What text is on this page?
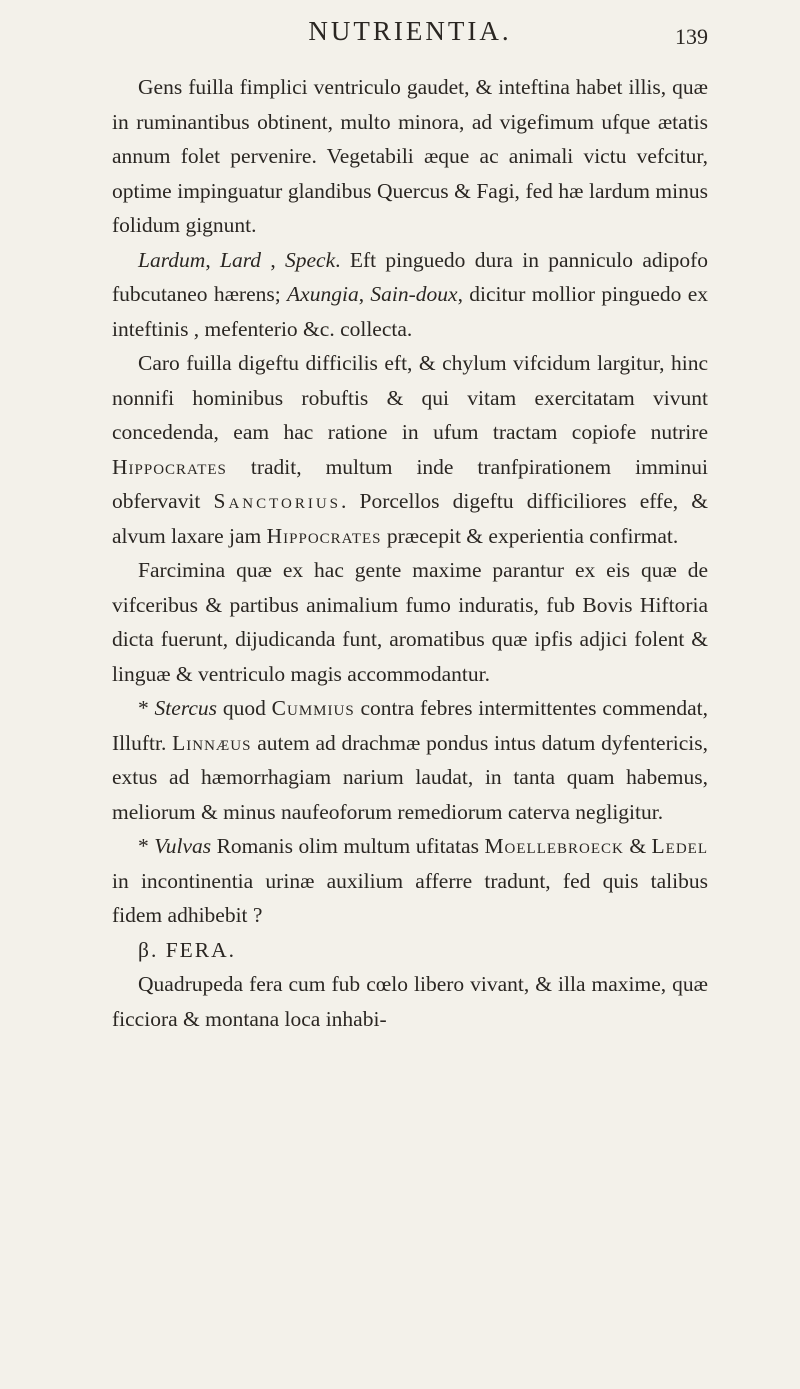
NUTRIENTIA.	139

Gens fuilla fimplici ventriculo gaudet, & inteftina habet illis, quæ in ruminantibus obtinent, multo minora, ad vigefimum ufque ætatis annum folet pervenire. Vegetabili æque ac animali victu vefcitur, optime impinguatur glandibus Quercus & Fagi, fed hæ lardum minus folidum gignunt.

Lardum, Lard , Speck. Eft pinguedo dura in panniculo adipofo fubcutaneo hærens; Axungia, Sain-doux, dicitur mollior pinguedo ex inteftinis , mefenterio &c. collecta.

Caro fuilla digeftu difficilis eft, & chylum vifcidum largitur, hinc nonnifi hominibus robuftis & qui vitam exercitatam vivunt concedenda, eam hac ratione in ufum tractam copiofe nutrire Hippocrates tradit, multum inde tranfpirationem imminui obfervavit Sanctorius. Porcellos digeftu difficiliores effe, & alvum laxare jam Hippocrates præcepit & experientia confirmat.

Farcimina quæ ex hac gente maxime parantur ex eis quæ de vifceribus & partibus animalium fumo induratis, fub Bovis Hiftoria dicta fuerunt, dijudicanda funt, aromatibus quæ ipfis adjici folent & linguæ & ventriculo magis accommodantur.

* Stercus quod Cummius contra febres intermittentes commendat, Illuftr. Linnæus autem ad drachmæ pondus intus datum dyfentericis, extus ad hæmorrhagiam narium laudat, in tanta quam habemus, meliorum & minus naufeoforum remediorum caterva negligitur.

* Vulvas Romanis olim multum ufitatas Moellebroeck & Ledel in incontinentia urinæ auxilium afferre tradunt, fed quis talibus fidem adhibebit ?

β. FERA.

Quadrupeda fera cum fub cœlo libero vivant, & illa maxime, quæ ficciora & montana loca inhabi-
